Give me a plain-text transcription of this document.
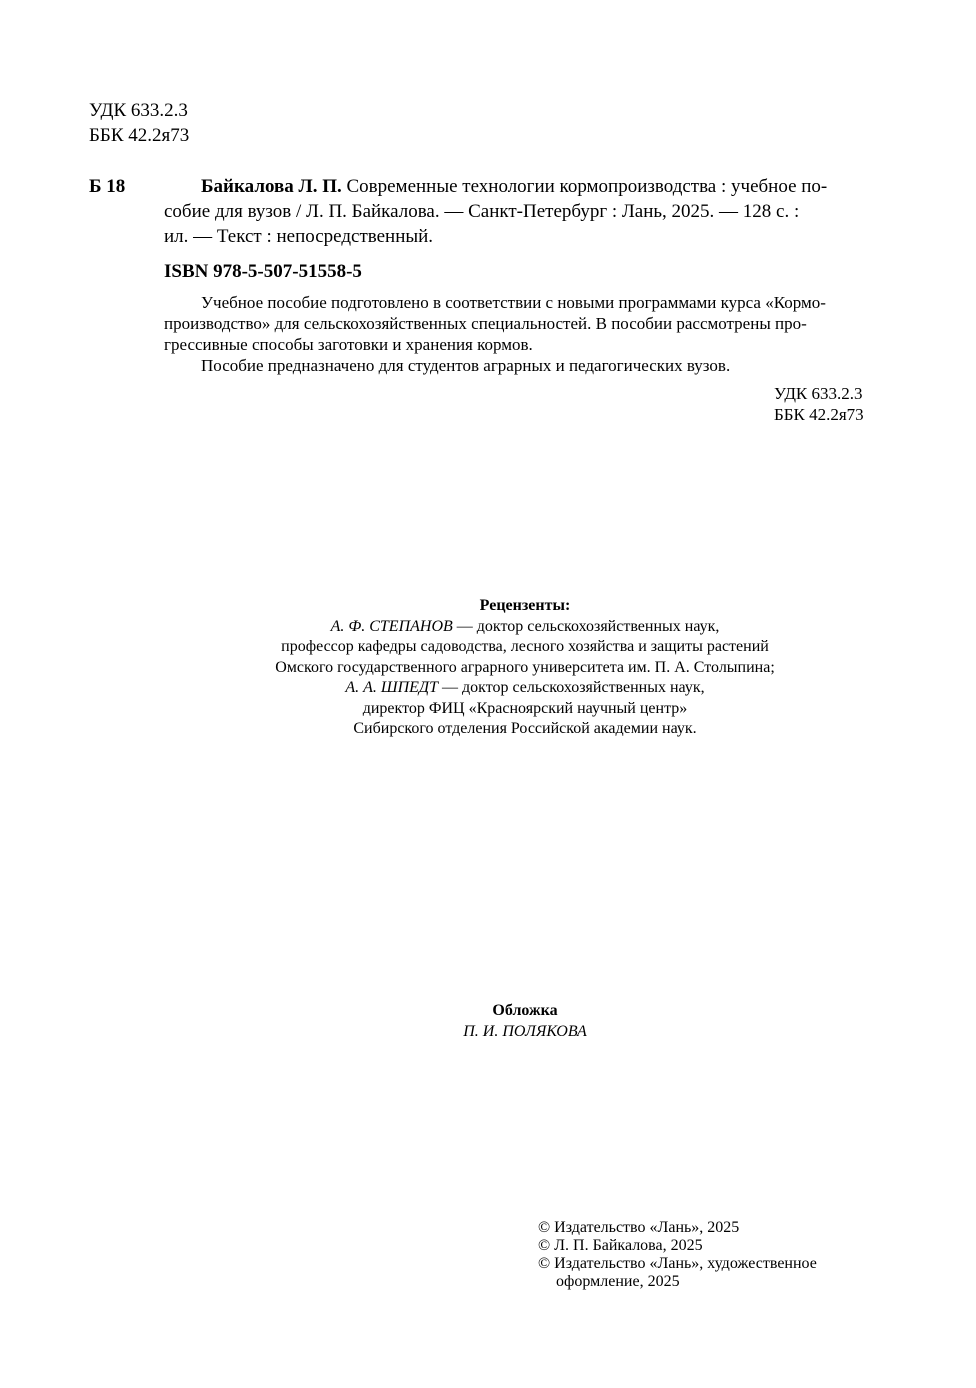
УДК 633.2.3
ББК 42.2я73
Б 18	Байкалова Л. П. Современные технологии кормопроизводства : учебное по-
собие для вузов / Л. П. Байкалова. — Санкт-Петербург : Лань, 2025. — 128 с. :
ил. — Текст : непосредственный.
ISBN 978-5-507-51558-5
Учебное пособие подготовлено в соответствии с новыми программами курса «Кормо-
производство» для сельскохозяйственных специальностей. В пособии рассмотрены про-
грессивные способы заготовки и хранения кормов.
Пособие предназначено для студентов аграрных и педагогических вузов.
УДК 633.2.3
ББК 42.2я73
Рецензенты:
А. Ф. СТЕПАНОВ — доктор сельскохозяйственных наук,
профессор кафедры садоводства, лесного хозяйства и защиты растений
Омского государственного аграрного университета им. П. А. Столыпина;
А. А. ШПЕДТ — доктор сельскохозяйственных наук,
директор ФИЦ «Красноярский научный центр»
Сибирского отделения Российской академии наук.
Обложка
П. И. ПОЛЯКОВА
© Издательство «Лань», 2025
© Л. П. Байкалова, 2025
© Издательство «Лань», художественное
оформление, 2025
